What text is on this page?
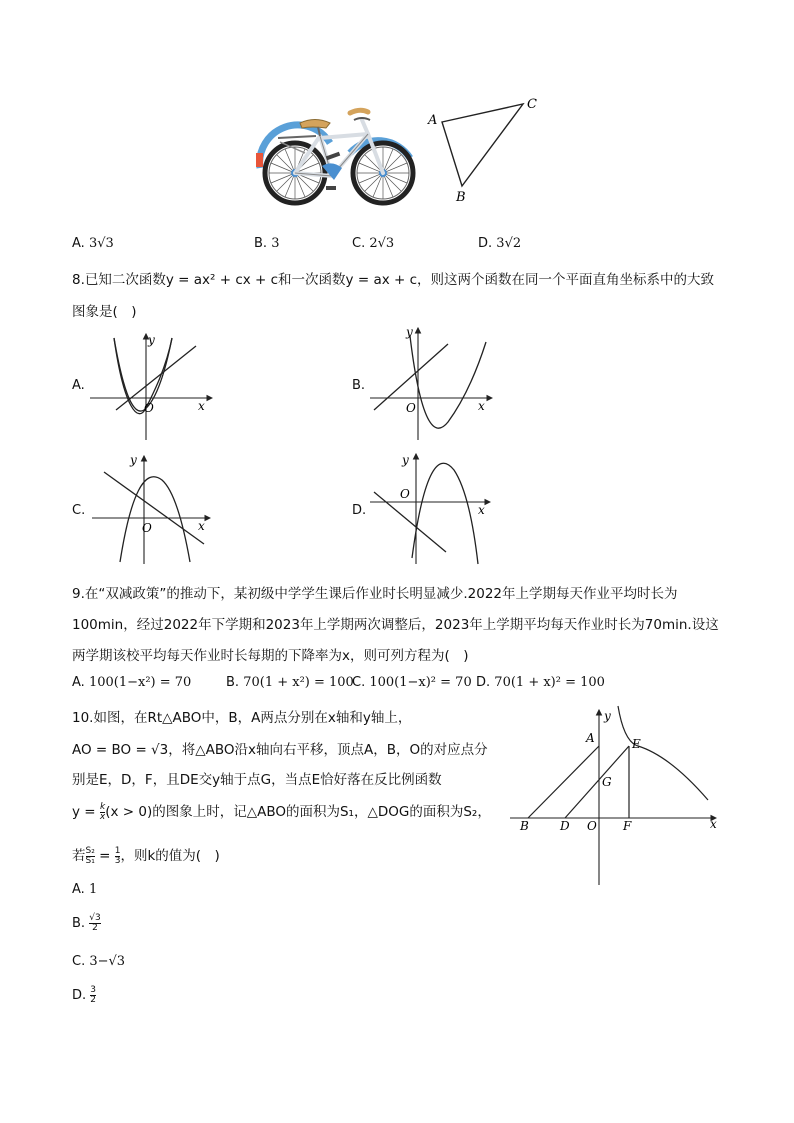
A
C
B
A. 3√3	B. 3	C. 2√3	D. 3√2
8.已知二次函数y = ax² + cx + c和一次函数y = ax + c，则这两个函数在同一个平面直角坐标系中的大致
图象是(　)
A.
y
x
O
B.
y
x
O
C.
y
x
O
D.
y
x
O
9.在“双减政策”的推动下，某初级中学学生课后作业时长明显减少.2022年上学期每天作业平均时长为
100min，经过2022年下学期和2023年上学期两次调整后，2023年上学期平均每天作业时长为70min.设这
两学期该校平均每天作业时长每期的下降率为x，则可列方程为(　)
A. 100(1−x²) = 70	B. 70(1 + x²) = 100
C. 100(1−x)² = 70 D. 70(1 + x)² = 100
10.如图，在Rt△ABO中，B，A两点分别在x轴和y轴上，
AO = BO = √3，将△ABO沿x轴向右平移，顶点A，B，O的对应点分
别是E，D，F，且DE交y轴于点G，当点E恰好落在反比例函数
$y = \frac{k}{x} (x > 0)$的图象上时，记△ABO的面积为S₁，△DOG的面积为S₂，
若 $\frac{\text{S₂}}{\text{S₁}} = \frac{1}{3}$ ，则k的值为(　)
y
x
A	E
G
B	D O F
A. 1
B. $\frac{√3}{2}$
C. 3−√3
D. $\frac{3}{2}$
